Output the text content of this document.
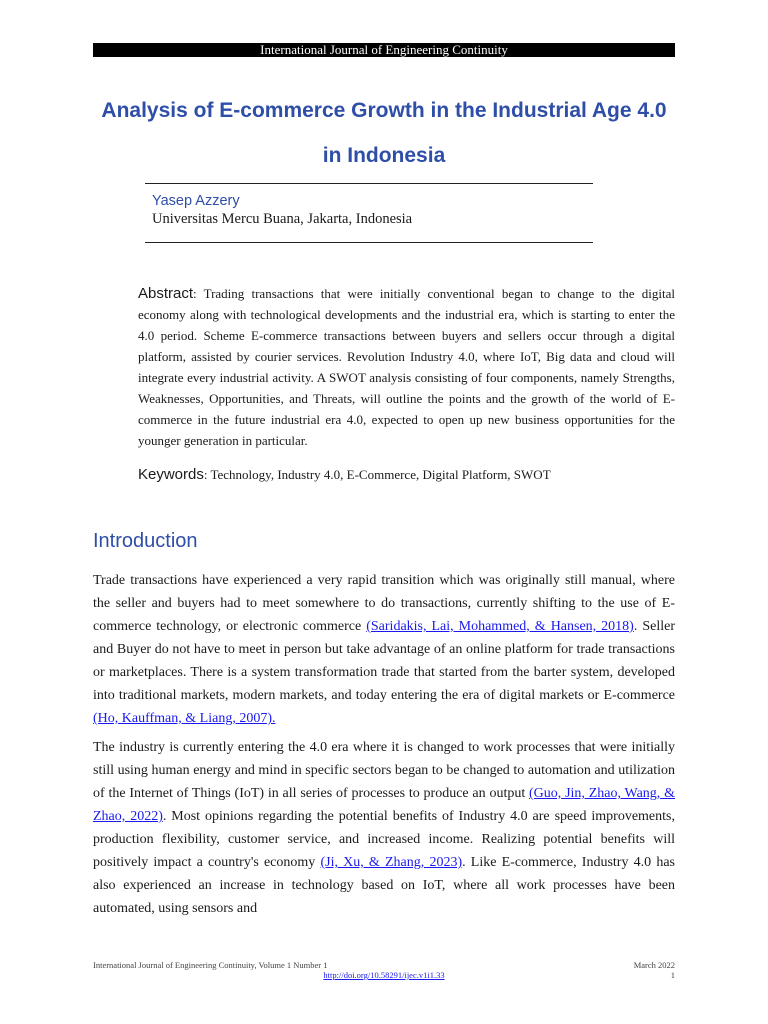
International Journal of Engineering Continuity
Analysis of E-commerce Growth in the Industrial Age 4.0 in Indonesia
Yasep Azzery
Universitas Mercu Buana, Jakarta, Indonesia

Abstract: Trading transactions that were initially conventional began to change to the digital economy along with technological developments and the industrial era, which is starting to enter the 4.0 period. Scheme E-commerce transactions between buyers and sellers occur through a digital platform, assisted by courier services. Revolution Industry 4.0, where IoT, Big data and cloud will integrate every industrial activity. A SWOT analysis consisting of four components, namely Strengths, Weaknesses, Opportunities, and Threats, will outline the points and the growth of the world of E-commerce in the future industrial era 4.0, expected to open up new business opportunities for the younger generation in particular.

Keywords: Technology, Industry 4.0, E-Commerce, Digital Platform, SWOT

Introduction

Trade transactions have experienced a very rapid transition which was originally still manual, where the seller and buyers had to meet somewhere to do transactions, currently shifting to the use of E-commerce technology, or electronic commerce (Saridakis, Lai, Mohammed, & Hansen, 2018). Seller and Buyer do not have to meet in person but take advantage of an online platform for trade transactions or marketplaces. There is a system transformation trade that started from the barter system, developed into traditional markets, modern markets, and today entering the era of digital markets or E-commerce (Ho, Kauffman, & Liang, 2007).

The industry is currently entering the 4.0 era where it is changed to work processes that were initially still using human energy and mind in specific sectors began to be changed to automation and utilization of the Internet of Things (IoT) in all series of processes to produce an output (Guo, Jin, Zhao, Wang, & Zhao, 2022). Most opinions regarding the potential benefits of Industry 4.0 are speed improvements, production flexibility, customer service, and increased income. Realizing potential benefits will positively impact a country's economy (Ji, Xu, & Zhang, 2023). Like E-commerce, Industry 4.0 has also experienced an increase in technology based on IoT, where all work processes have been automated, using sensors and

International Journal of Engineering Continuity, Volume 1 Number 1	March 2022
http://doi.org/10.58291/ijec.v1i1.33	1
